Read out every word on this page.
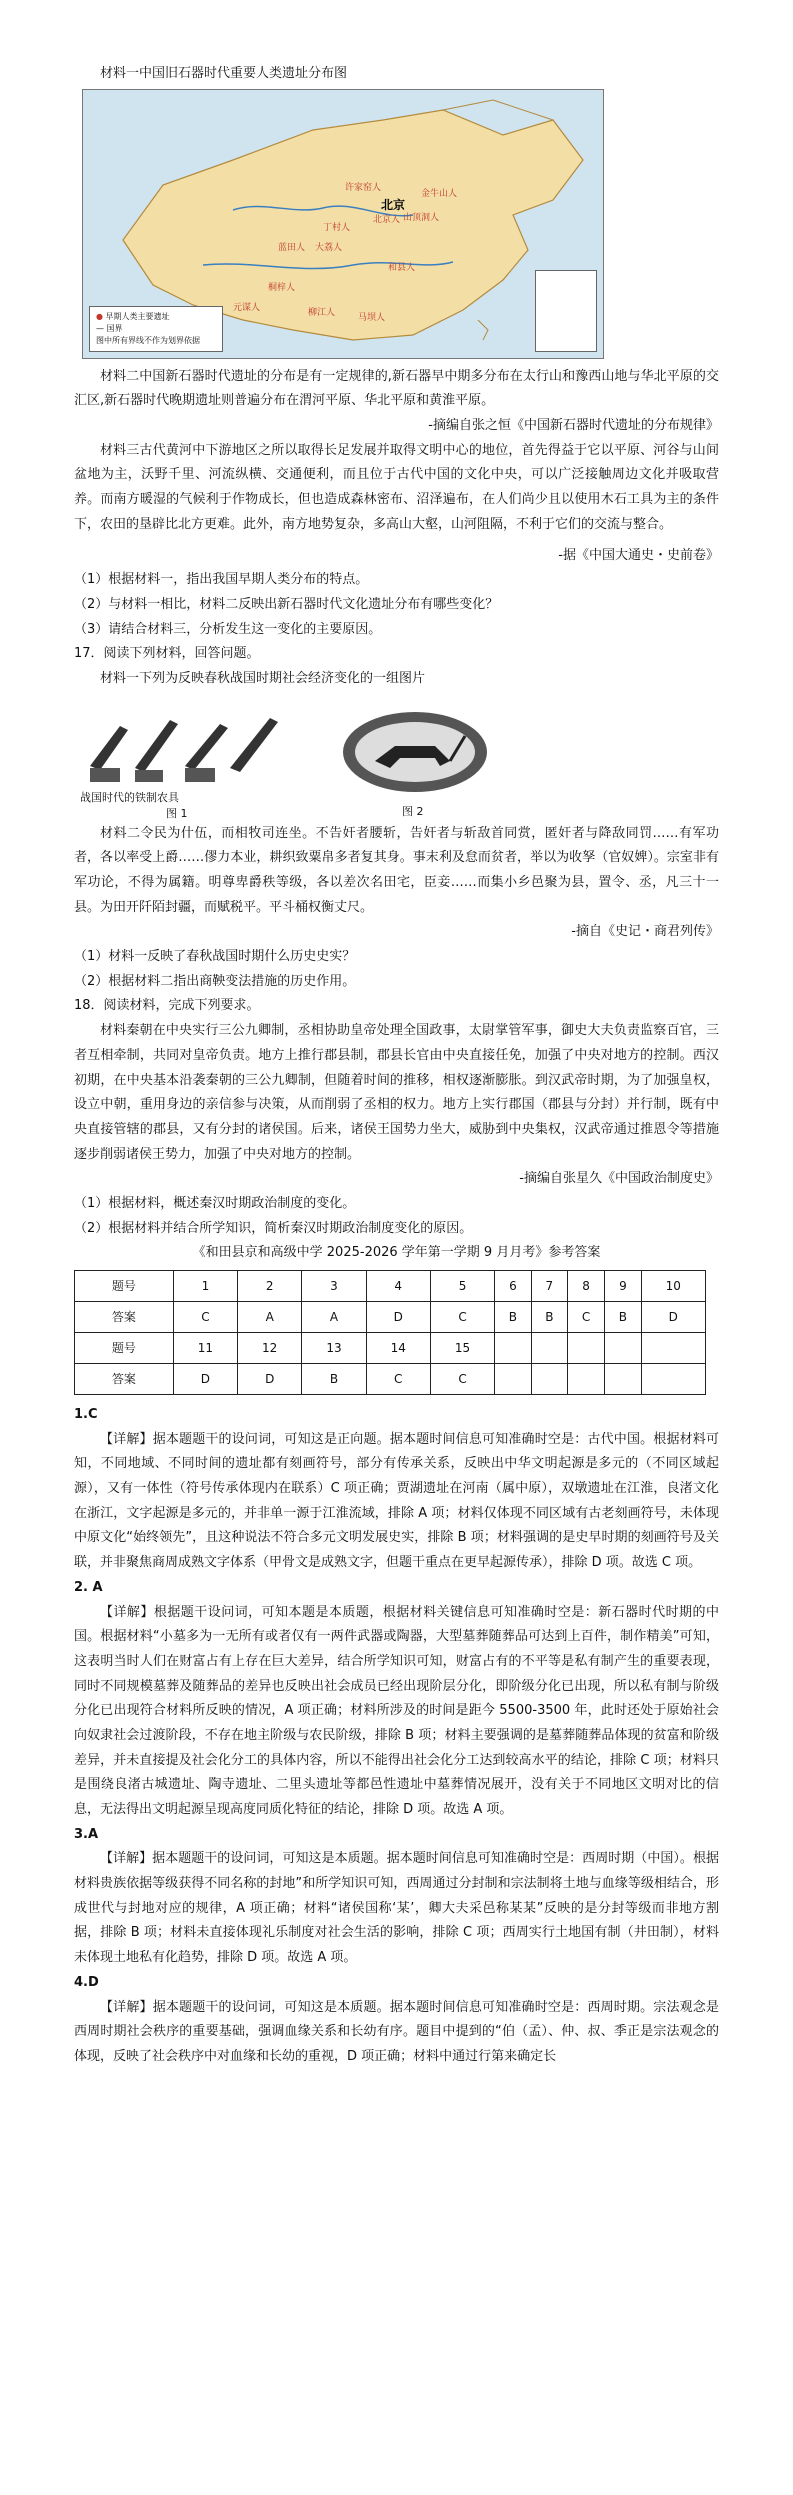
材料一中国旧石器时代重要人类遗址分布图

北京
金牛山人
丁村人
蓝田人
北京人
和县人
许家窑人
元谋人
桐梓人
柳江人	马坝人
山顶洞人
大荔人
● 早期人类主要遗址
— 国界
图中所有界线不作为划界依据

材料二中国新石器时代遗址的分布是有一定规律的,新石器早中期多分布在太行山和豫西山地与华北平原的交汇区,新石器时代晚期遗址则普遍分布在渭河平原、华北平原和黄淮平原。

-摘编自张之恒《中国新石器时代遗址的分布规律》

材料三古代黄河中下游地区之所以取得长足发展并取得文明中心的地位，首先得益于它以平原、河谷与山间盆地为主，沃野千里、河流纵横、交通便利，而且位于古代中国的文化中央，可以广泛接触周边文化并吸取营养。而南方暖湿的气候利于作物成长，但也造成森林密布、沼泽遍布，在人们尚少且以使用木石工具为主的条件下，农田的垦辟比北方更难。此外，南方地势复杂，多高山大壑，山河阻隔，不利于它们的交流与整合。

-据《中国大通史・史前卷》

（1）根据材料一，指出我国早期人类分布的特点。

（2）与材料一相比，材料二反映出新石器时代文化遗址分布有哪些变化？

（3）请结合材料三，分析发生这一变化的主要原因。

17．阅读下列材料，回答问题。

材料一下列为反映春秋战国时期社会经济变化的一组图片

战国时代的铁制农具
图 1	图 2

材料二令民为什伍，而相牧司连坐。不告奸者腰斩，告奸者与斩敌首同赏，匿奸者与降敌同罚……有军功者，各以率受上爵……僇力本业，耕织致粟帛多者复其身。事末利及怠而贫者，举以为收孥（官奴婢）。宗室非有军功论，不得为属籍。明尊卑爵秩等级，各以差次名田宅，臣妾……而集小乡邑聚为县，置令、丞，凡三十一县。为田开阡陌封疆，而赋税平。平斗桶权衡丈尺。

-摘自《史记・商君列传》

（1）材料一反映了春秋战国时期什么历史史实？

（2）根据材料二指出商鞅变法措施的历史作用。

18．阅读材料，完成下列要求。

材料秦朝在中央实行三公九卿制，丞相协助皇帝处理全国政事，太尉掌管军事，御史大夫负责监察百官，三者互相牵制，共同对皇帝负责。地方上推行郡县制，郡县长官由中央直接任免，加强了中央对地方的控制。西汉初期，在中央基本沿袭秦朝的三公九卿制，但随着时间的推移，相权逐渐膨胀。到汉武帝时期，为了加强皇权，设立中朝，重用身边的亲信参与决策，从而削弱了丞相的权力。地方上实行郡国（郡县与分封）并行制，既有中央直接管辖的郡县，又有分封的诸侯国。后来，诸侯王国势力坐大，威胁到中央集权，汉武帝通过推恩令等措施逐步削弱诸侯王势力，加强了中央对地方的控制。

-摘编自张星久《中国政治制度史》

（1）根据材料，概述秦汉时期政治制度的变化。

（2）根据材料并结合所学知识，简析秦汉时期政治制度变化的原因。

《和田县京和高级中学 2025-2026 学年第一学期 9 月月考》参考答案

题号	1	2	3	4	5	6	7	8	9	10
答案	C	A	A	D	C	B	B	C	B	D
题号	11	12	13	14	15					
答案	D	D	B	C	C					

1.C

【详解】据本题题干的设问词，可知这是正向题。据本题时间信息可知准确时空是：古代中国。根据材料可知，不同地域、不同时间的遗址都有刻画符号，部分有传承关系，反映出中华文明起源是多元的（不同区域起源），又有一体性（符号传承体现内在联系）C 项正确；贾湖遗址在河南（属中原），双墩遗址在江淮，良渚文化在浙江，文字起源是多元的，并非单一源于江淮流域，排除 A 项；材料仅体现不同区域有古老刻画符号，未体现中原文化“始终领先”，且这种说法不符合多元文明发展史实，排除 B 项；材料强调的是史早时期的刻画符号及关联，并非聚焦商周成熟文字体系（甲骨文是成熟文字，但题干重点在更早起源传承），排除 D 项。故选 C 项。

2. A

【详解】根据题干设问词，可知本题是本质题，根据材料关键信息可知准确时空是：新石器时代时期的中国。根据材料“小墓多为一无所有或者仅有一两件武器或陶器，大型墓葬随葬品可达到上百件，制作精美”可知，这表明当时人们在财富占有上存在巨大差异，结合所学知识可知，财富占有的不平等是私有制产生的重要表现，同时不同规模墓葬及随葬品的差异也反映出社会成员已经出现阶层分化，即阶级分化已出现，所以私有制与阶级分化已出现符合材料所反映的情况，A 项正确；材料所涉及的时间是距今 5500-3500 年，此时还处于原始社会向奴隶社会过渡阶段，不存在地主阶级与农民阶级，排除 B 项；材料主要强调的是墓葬随葬品体现的贫富和阶级差异，并未直接提及社会化分工的具体内容，所以不能得出社会化分工达到较高水平的结论，排除 C 项；材料只是围绕良渚古城遗址、陶寺遗址、二里头遗址等都邑性遗址中墓葬情况展开，没有关于不同地区文明对比的信息，无法得出文明起源呈现高度同质化特征的结论，排除 D 项。故选 A 项。

3.A

【详解】据本题题干的设问词，可知这是本质题。据本题时间信息可知准确时空是：西周时期（中国）。根据材料贵族依据等级获得不同名称的封地”和所学知识可知，西周通过分封制和宗法制将土地与血缘等级相结合，形成世代与封地对应的规律，A 项正确；材料“诸侯国称‘某’，卿大夫采邑称某某”反映的是分封等级而非地方割据，排除 B 项；材料未直接体现礼乐制度对社会生活的影响，排除 C 项；西周实行土地国有制（井田制），材料未体现土地私有化趋势，排除 D 项。故选 A 项。

4.D

【详解】据本题题干的设问词，可知这是本质题。据本题时间信息可知准确时空是：西周时期。宗法观念是西周时期社会秩序的重要基础，强调血缘关系和长幼有序。题目中提到的“伯（孟）、仲、叔、季正是宗法观念的体现，反映了社会秩序中对血缘和长幼的重视，D 项正确；材料中通过行第来确定长
